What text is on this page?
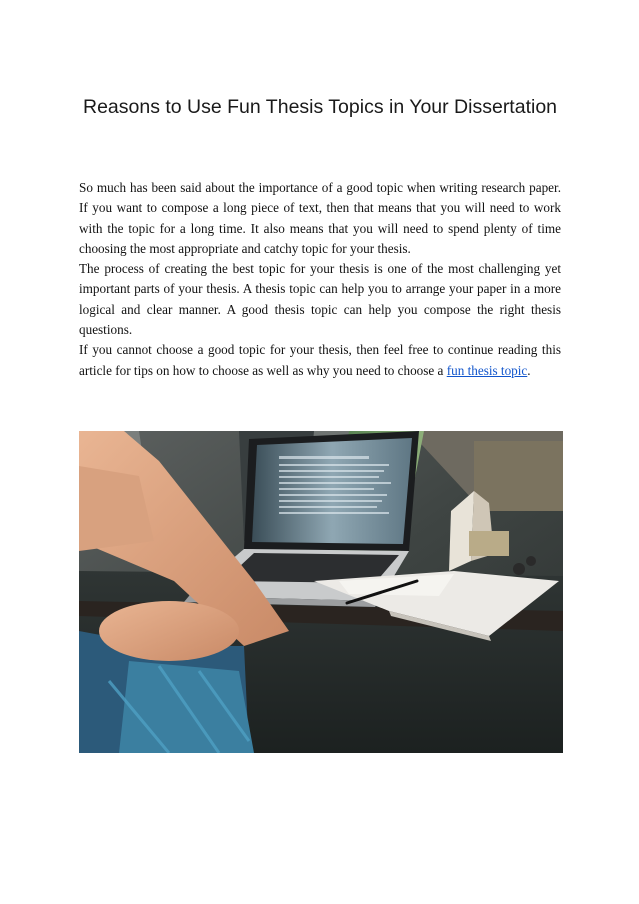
Reasons to Use Fun Thesis Topics in Your Dissertation

So much has been said about the importance of a good topic when writing research paper. If you want to compose a long piece of text, then that means that you will need to work with the topic for a long time. It also means that you will need to spend plenty of time choosing the most appropriate and catchy topic for your thesis.

The process of creating the best topic for your thesis is one of the most challenging yet important parts of your thesis. A thesis topic can help you to arrange your paper in a more logical and clear manner. A good thesis topic can help you compose the right thesis questions.

If you cannot choose a good topic for your thesis, then feel free to continue reading this article for tips on how to choose as well as why you need to choose a fun thesis topic.
